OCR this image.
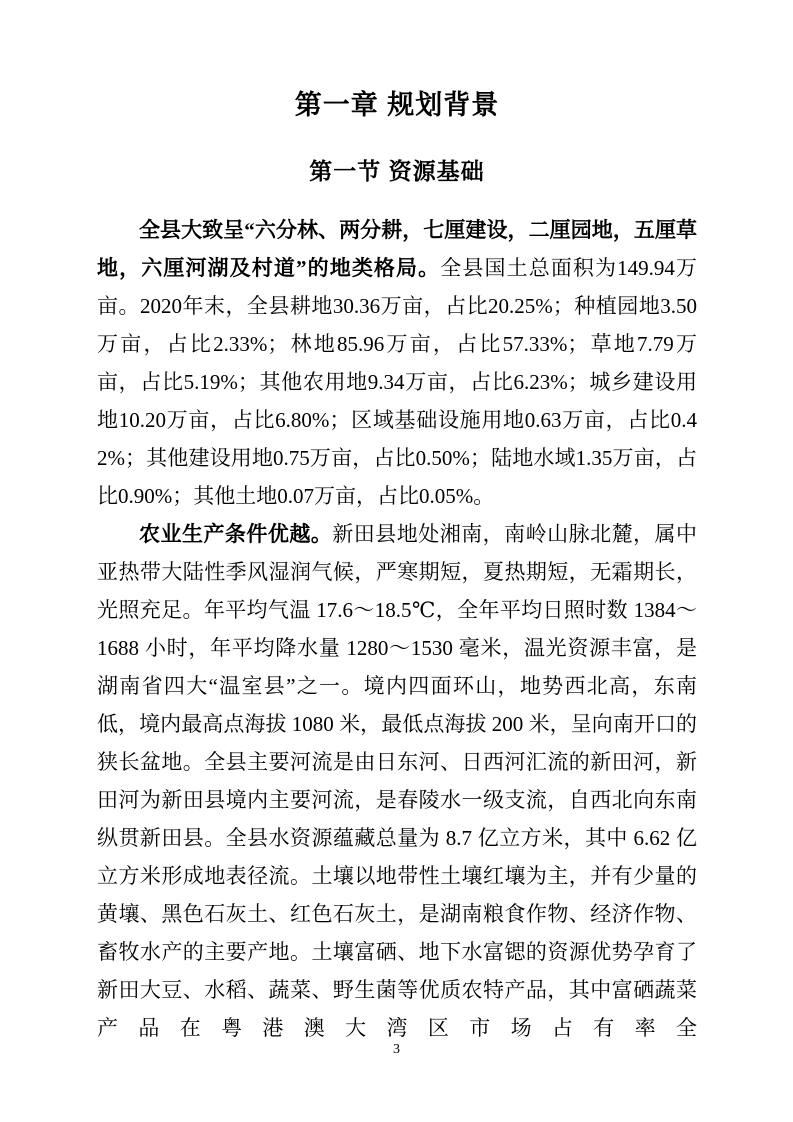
第一章 规划背景
第一节 资源基础

全县大致呈“六分林、两分耕，七厘建设，二厘园地，五厘草地，六厘河湖及村道”的地类格局。全县国土总面积为149.94万亩。2020年末，全县耕地30.36万亩，占比20.25%；种植园地3.50万亩，占比2.33%；林地85.96万亩，占比57.33%；草地7.79万亩，占比5.19%；其他农用地9.34万亩，占比6.23%；城乡建设用地10.20万亩，占比6.80%；区域基础设施用地0.63万亩，占比0.42%；其他建设用地0.75万亩，占比0.50%；陆地水域1.35万亩，占比0.90%；其他土地0.07万亩，占比0.05%。

农业生产条件优越。新田县地处湘南，南岭山脉北麓，属中亚热带大陆性季风湿润气候，严寒期短，夏热期短，无霜期长，光照充足。年平均气温 17.6～18.5℃，全年平均日照时数 1384～1688 小时，年平均降水量 1280～1530 毫米，温光资源丰富，是湖南省四大“温室县”之一。境内四面环山，地势西北高，东南低，境内最高点海拔 1080 米，最低点海拔 200 米，呈向南开口的狭长盆地。全县主要河流是由日东河、日西河汇流的新田河，新田河为新田县境内主要河流，是春陵水一级支流，自西北向东南纵贯新田县。全县水资源蕴藏总量为 8.7 亿立方米，其中 6.62 亿立方米形成地表径流。土壤以地带性土壤红壤为主，并有少量的黄壤、黑色石灰土、红色石灰土，是湖南粮食作物、经济作物、畜牧水产的主要产地。土壤富硒、地下水富锶的资源优势孕育了新田大豆、水稻、蔬菜、野生菌等优质农特产品，其中富硒蔬菜产品在粤港澳大湾区市场占有率全

3
